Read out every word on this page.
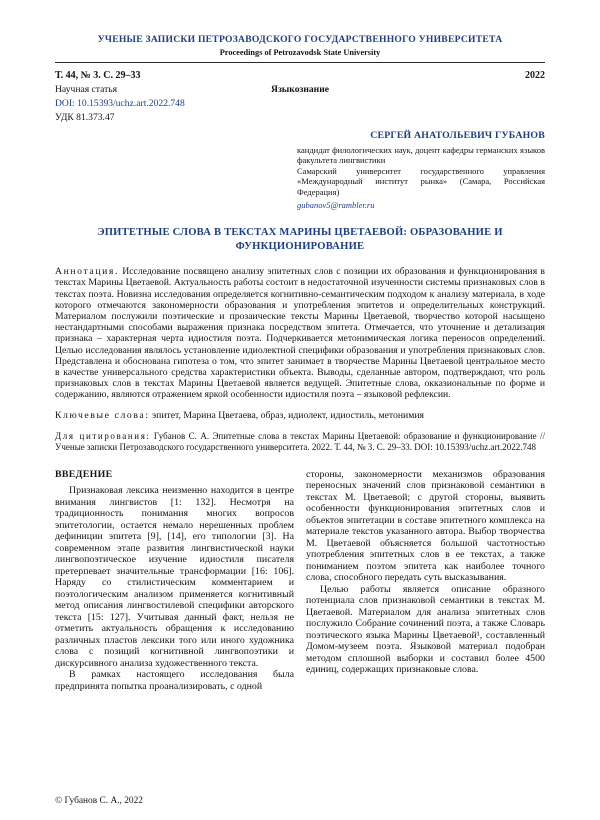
УЧЕНЫЕ ЗАПИСКИ ПЕТРОЗАВОДСКОГО ГОСУДАРСТВЕННОГО УНИВЕРСИТЕТА
Proceedings of Petrozavodsk State University
Т. 44, № 3. С. 29–33	2022
Научная статья	Языкознание
DOI: 10.15393/uchz.art.2022.748
УДК 81.373.47
СЕРГЕЙ АНАТОЛЬЕВИЧ ГУБАНОВ
кандидат филологических наук, доцент кафедры германских языков факультета лингвистики
Самарский университет государственного управления «Международный институт рынка» (Самара, Российская Федерация)
gubanov5@rambler.ru
ЭПИТЕТНЫЕ СЛОВА В ТЕКСТАХ МАРИНЫ ЦВЕТАЕВОЙ: ОБРАЗОВАНИЕ И ФУНКЦИОНИРОВАНИЕ

Аннотация. Исследование посвящено анализу эпитетных слов с позиции их образования и функционирования в текстах Марины Цветаевой. Актуальность работы состоит в недостаточной изученности системы признаковых слов в текстах поэта. Новизна исследования определяется когнитивно-семантическим подходом к анализу материала, в ходе которого отмечаются закономерности образования и употребления эпитетов и определительных конструкций. Материалом послужили поэтические и прозаические тексты Марины Цветаевой, творчество которой насыщено нестандартными способами выражения признака посредством эпитета. Отмечается, что уточнение и детализация признака – характерная черта идиостиля поэта. Подчеркивается метонимическая логика переносов определений. Целью исследования являлось установление идиолектной специфики образования и употребления признаковых слов. Представлена и обоснована гипотеза о том, что эпитет занимает в творчестве Марины Цветаевой центральное место в качестве универсального средства характеристики объекта. Выводы, сделанные автором, подтверждают, что роль признаковых слов в текстах Марины Цветаевой является ведущей. Эпитетные слова, окказиональные по форме и содержанию, являются отражением яркой особенности идиостиля поэта – языковой рефлексии.

Ключевые слова: эпитет, Марина Цветаева, образ, идиолект, идиостиль, метонимия

Для цитирования: Губанов С. А. Эпитетные слова в текстах Марины Цветаевой: образование и функционирование // Ученые записки Петрозаводского государственного университета. 2022. Т. 44, № 3. С. 29–33. DOI: 10.15393/uchz.art.2022.748

ВВЕДЕНИЕ

Признаковая лексика неизменно находится в центре внимания лингвистов [1: 132]. Несмотря на традиционность понимания многих вопросов эпитетологии, остается немало нерешенных проблем дефиниции эпитета [9], [14], его типологии [3]. На современном этапе развития лингвистической науки лингвопоэтическое изучение идиостиля писателя претерпевает значительные трансформации [16: 106]. Наряду со стилистическим комментарием и поэтологическим анализом применяется когнитивный метод описания лингвостилевой специфики авторского текста [15: 127]. Учитывая данный факт, нельзя не отметить актуальность обращения к исследованию различных пластов лексики того или иного художника слова с позиций когнитивной лингвопоэтики и дискурсивного анализа художественного текста.

В рамках настоящего исследования была предпринята попытка проанализировать, с одной

стороны, закономерности механизмов образования переносных значений слов признаковой семантики в текстах М. Цветаевой; с другой стороны, выявить особенности функционирования эпитетных слов и объектов эпитетации в составе эпитетного комплекса на материале текстов указанного автора. Выбор творчества М. Цветаевой объясняется большой частотностью употребления эпитетных слов в ее текстах, а также пониманием поэтом эпитета как наиболее точного слова, способного передать суть высказывания.

Целью работы является описание образного потенциала слов признаковой семантики в текстах М. Цветаевой. Материалом для анализа эпитетных слов послужило Собрание сочинений поэта, а также Словарь поэтического языка Марины Цветаевой¹, составленный Домом-музеем поэта. Языковой материал подобран методом сплошной выборки и составил более 4500 единиц, содержащих признаковые слова.

© Губанов С. А., 2022
